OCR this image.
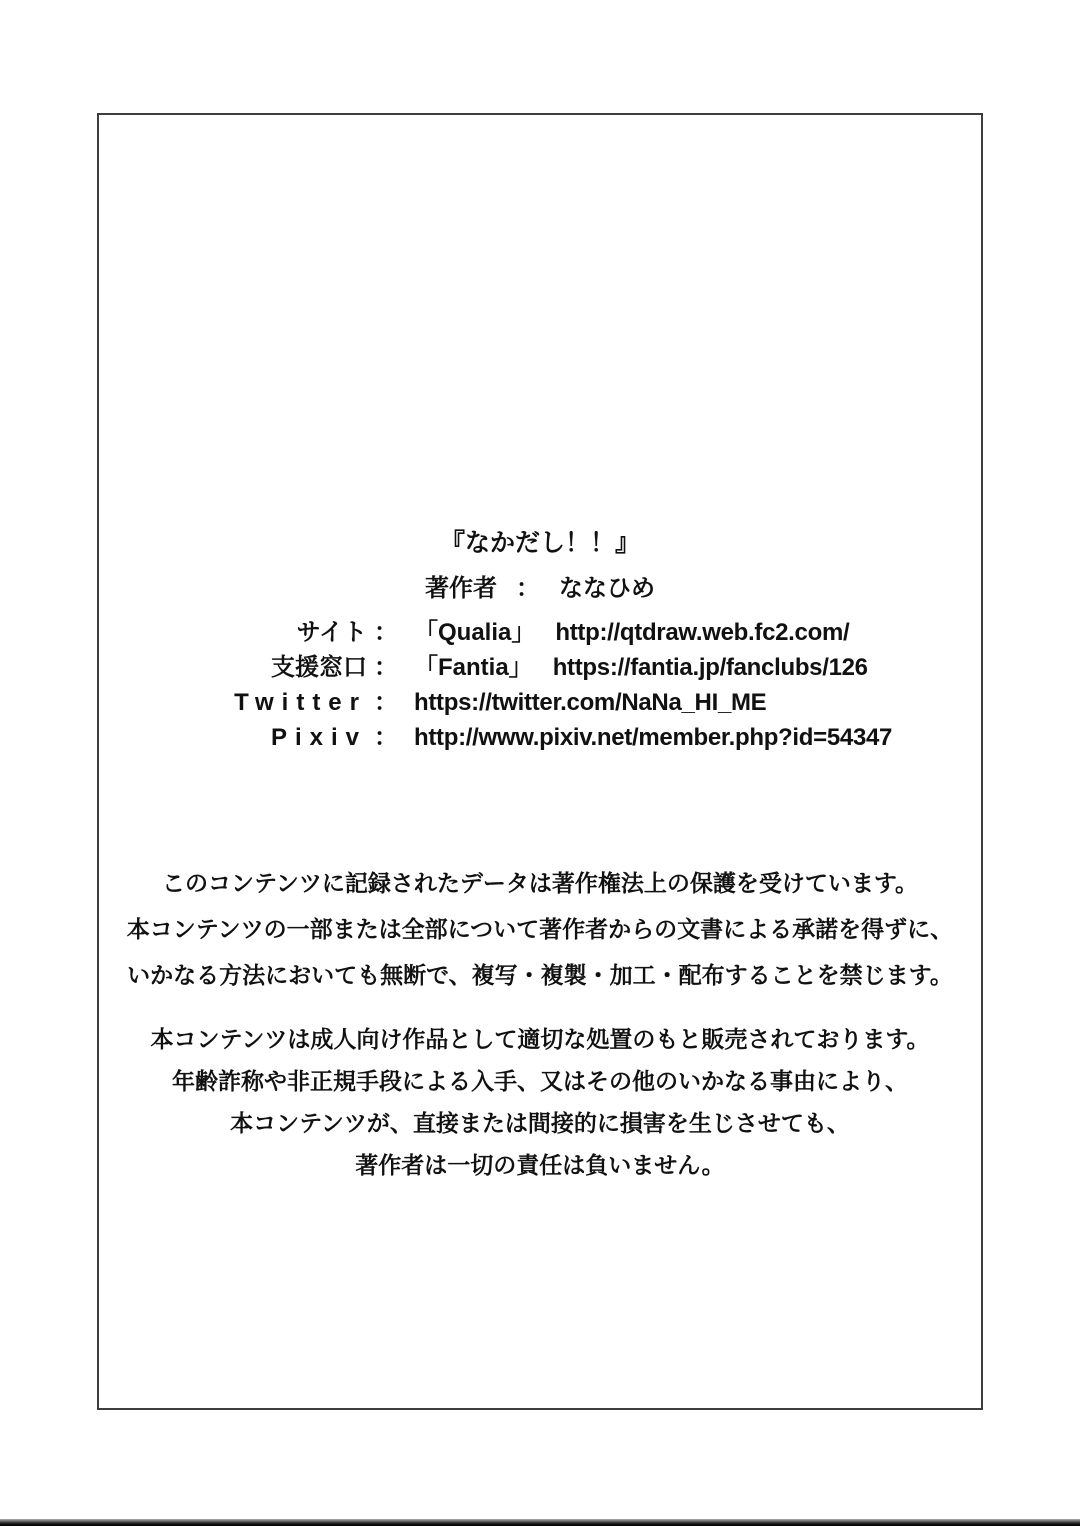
『なかだし！！』
著作者 ： ななひめ
サイト ： 「Qualia」 http://qtdraw.web.fc2.com/
支援窓口 ： 「Fantia」 https://fantia.jp/fanclubs/126
Twitter ： https://twitter.com/NaNa_HI_ME
Pixiv ： http://www.pixiv.net/member.php?id=54347
このコンテンツに記録されたデータは著作権法上の保護を受けています。
本コンテンツの一部または全部について著作者からの文書による承諾を得ずに、
いかなる方法においても無断で、複写・複製・加工・配布することを禁じます。
本コンテンツは成人向け作品として適切な処置のもと販売されております。
年齢詐称や非正規手段による入手、又はその他のいかなる事由により、
本コンテンツが、直接または間接的に損害を生じさせても、
著作者は一切の責任は負いません。
